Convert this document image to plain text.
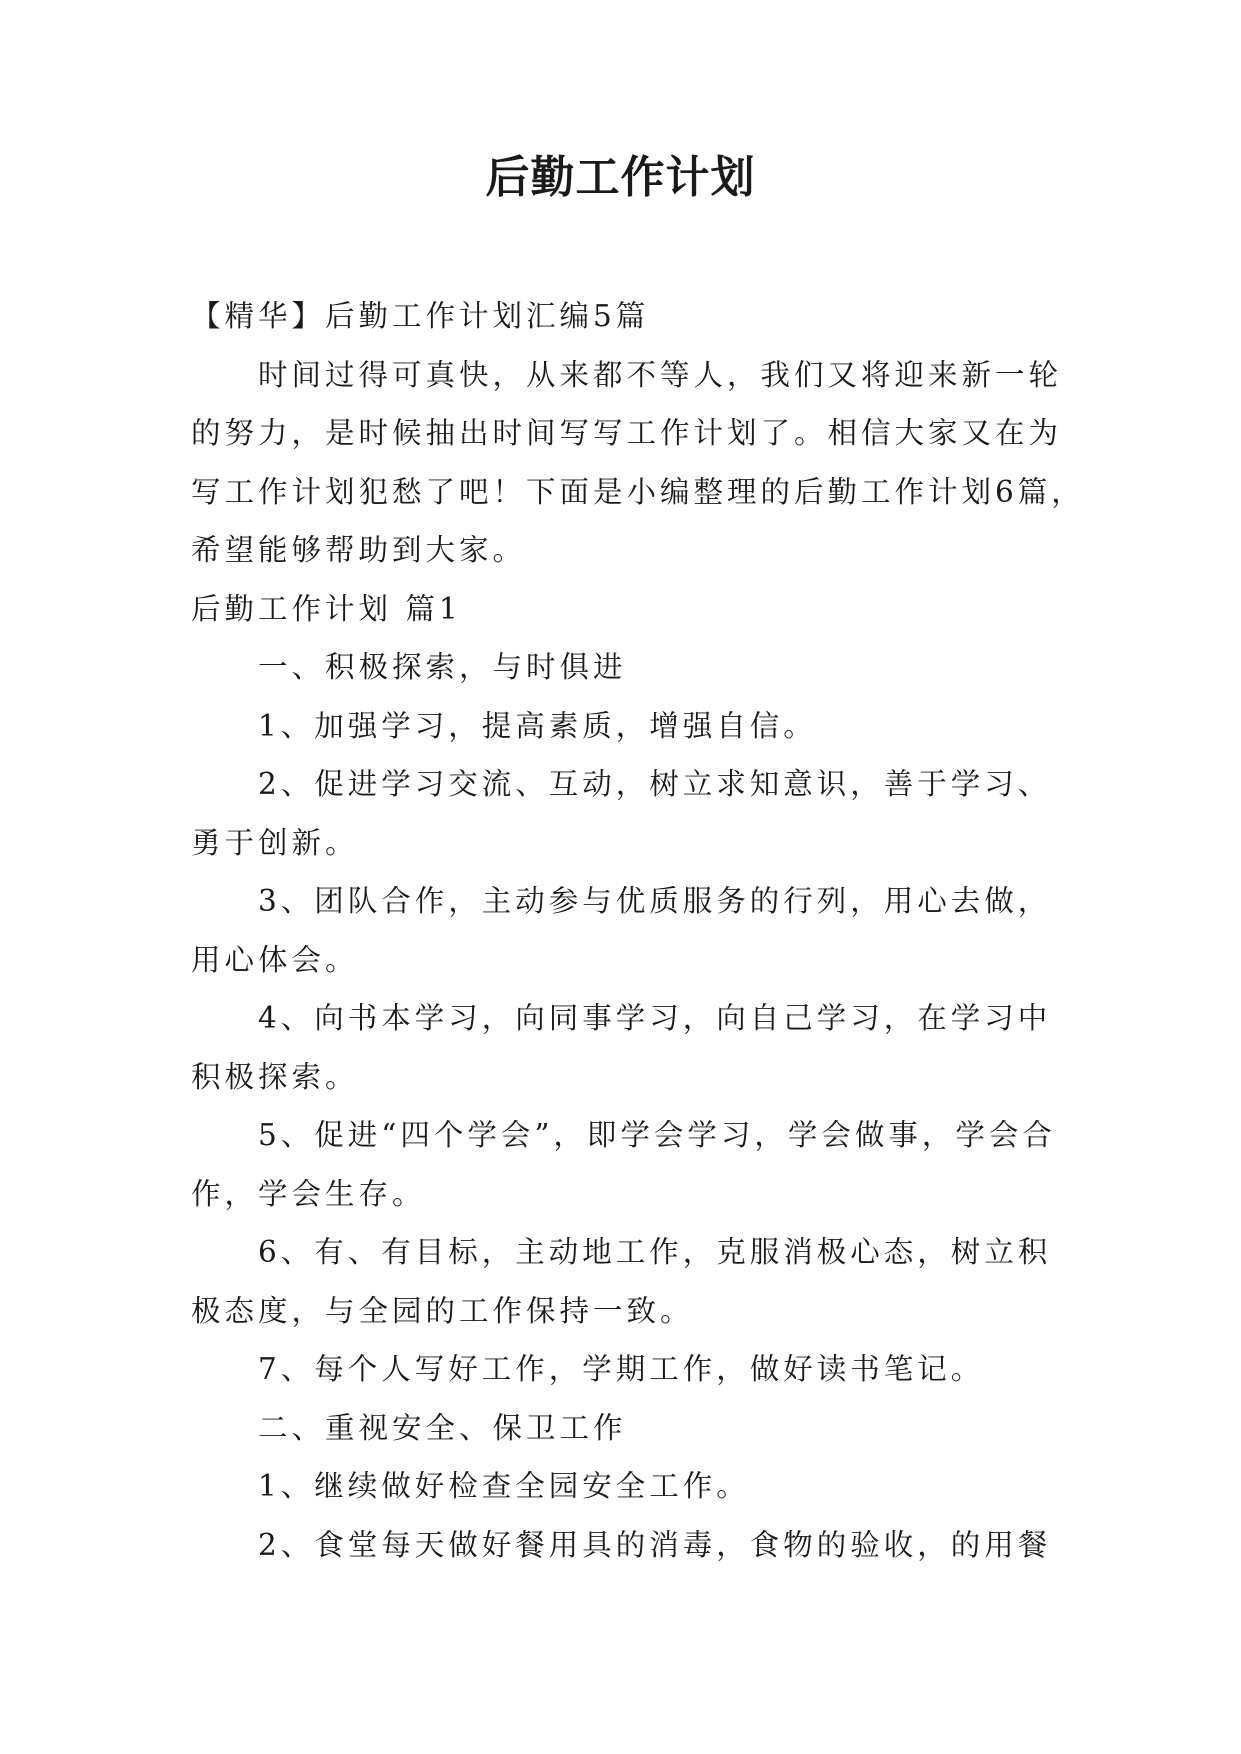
后勤工作计划

【精华】后勤工作计划汇编5篇

时间过得可真快，从来都不等人，我们又将迎来新一轮

的努力，是时候抽出时间写写工作计划了。相信大家又在为

写工作计划犯愁了吧！下面是小编整理的后勤工作计划6篇，

希望能够帮助到大家。

后勤工作计划 篇1

一、积极探索，与时俱进

1、加强学习，提高素质，增强自信。

2、促进学习交流、互动，树立求知意识，善于学习、

勇于创新。

3、团队合作，主动参与优质服务的行列，用心去做，

用心体会。

4、向书本学习，向同事学习，向自己学习，在学习中

积极探索。

5、促进“四个学会”，即学会学习，学会做事，学会合

作，学会生存。

6、有、有目标，主动地工作，克服消极心态，树立积

极态度，与全园的工作保持一致。

7、每个人写好工作，学期工作，做好读书笔记。

二、重视安全、保卫工作

1、继续做好检查全园安全工作。

2、食堂每天做好餐用具的消毒，食物的验收，的用餐
